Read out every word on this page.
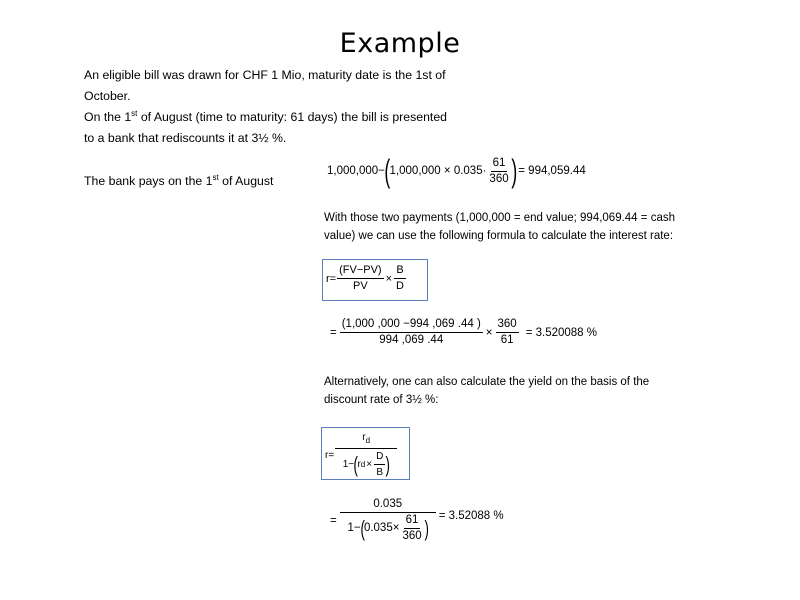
Example
An eligible bill was drawn for CHF 1 Mio, maturity date is the 1st of
October.
On the 1st of August (time to maturity: 61 days) the bill is presented
to a bank that rediscounts it at 3½ %.
The bank pays on the 1st of August
1,000,000− ( $1,000,000 \times 0.035\cdot \frac{61}{360}$ ) = 994,059.44
With those two payments (1,000,000 = end value; 994,069.44 = cash
value) we can use the following formula to calculate the interest rate:
$r= \frac{(FV-PV)}{PV} \times \frac{B}{D}$
= $\frac{(1,000 ,000 -994 ,069 .44 )}{994 ,069 .44} \times \frac{360}{61} = 3.520088$ %
Alternatively, one can also calculate the yield on the basis of the
discount rate of 3½ %:
$r= \frac{r_d}{1- ( r d \times \frac{D}{B} )}$
= $\frac{0.035}{1- ( 0.035\times \frac{61}{360} )} = 3.52088$ %
